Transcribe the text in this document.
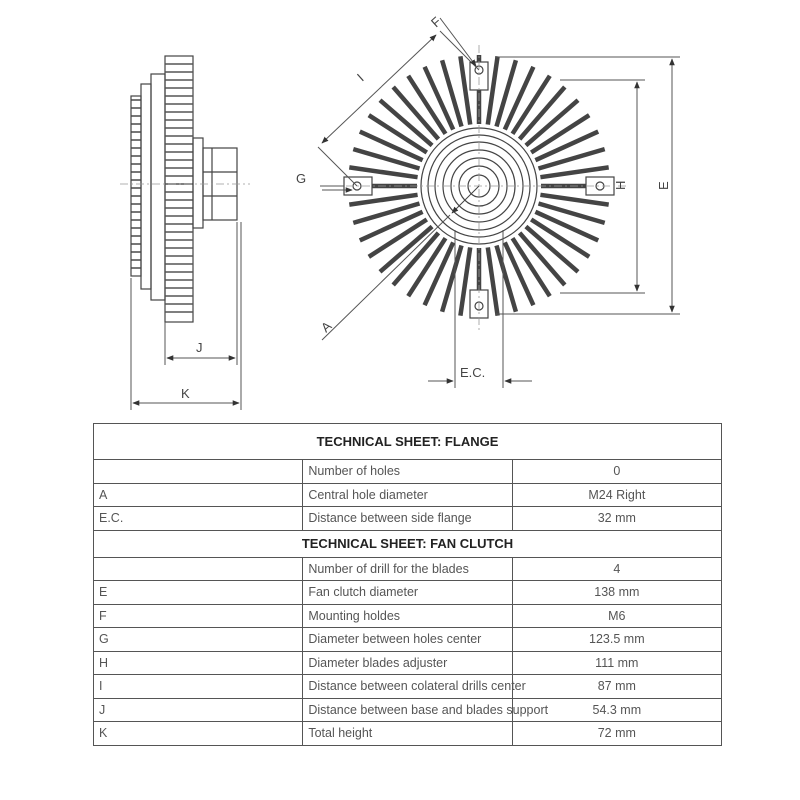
J
K
F
I
G	H E
A
E.C.
TECHNICAL SHEET: FLANGE		
	Number of holes	0
A	Central hole diameter	M24 Right
E.C.	Distance between side flange	32 mm
TECHNICAL SHEET: FAN CLUTCH		
	Number of drill for the blades	4
E	Fan clutch diameter	138 mm
F	Mounting holdes	M6
G	Diameter between holes center	123.5 mm
H	Diameter blades adjuster	111 mm
I	Distance between colateral drills center	87 mm
J	Distance between base and blades support	54.3 mm
K	Total height	72 mm
